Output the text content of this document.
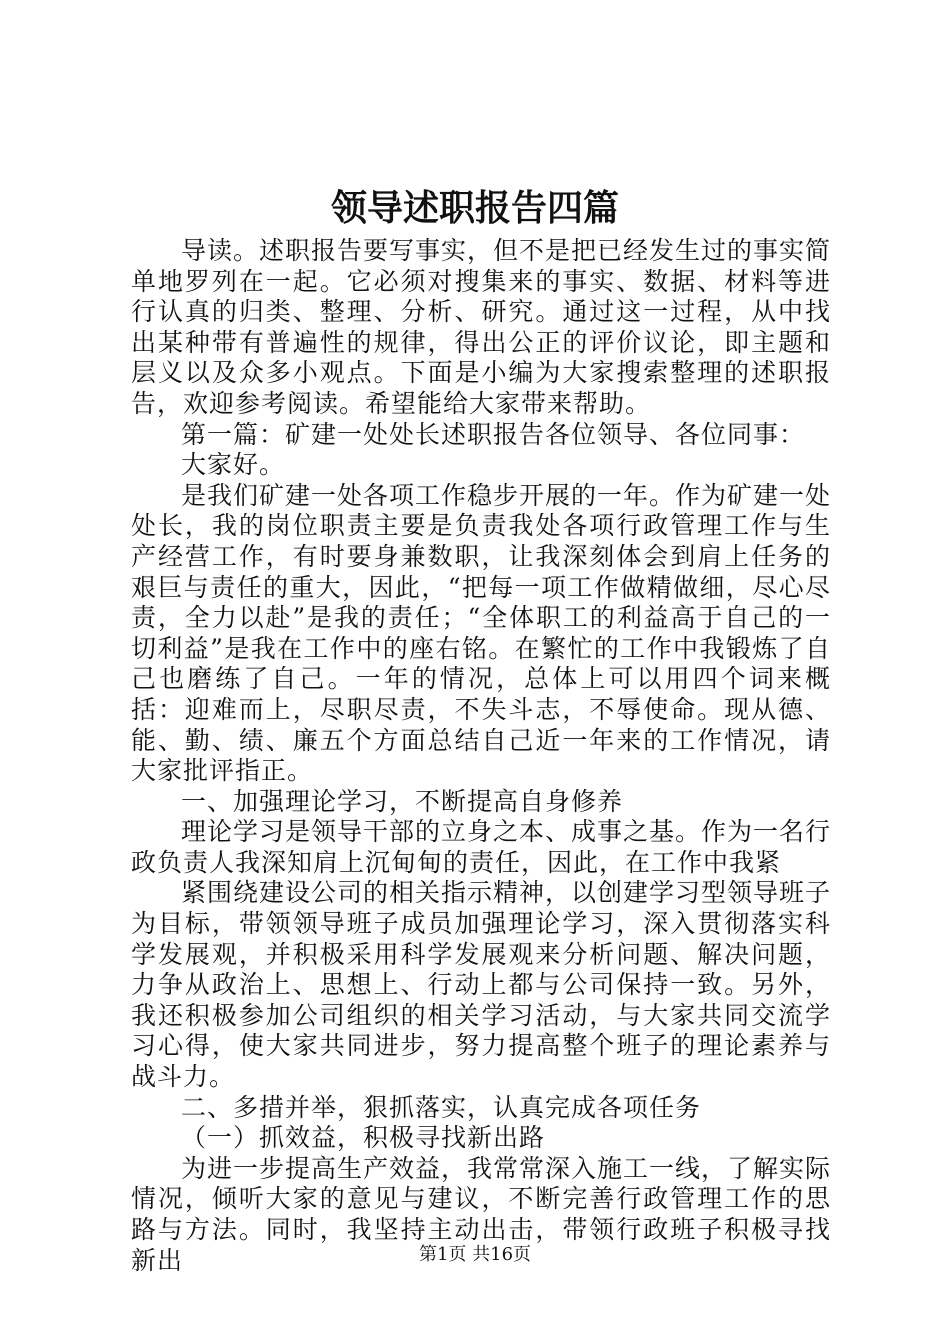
领导述职报告四篇

导读。述职报告要写事实，但不是把已经发生过的事实简单地罗列在一起。它必须对搜集来的事实、数据、材料等进行认真的归类、整理、分析、研究。通过这一过程，从中找出某种带有普遍性的规律，得出公正的评价议论，即主题和层义以及众多小观点。下面是小编为大家搜索整理的述职报告，欢迎参考阅读。希望能给大家带来帮助。

第一篇：矿建一处处长述职报告各位领导、各位同事：

大家好。

是我们矿建一处各项工作稳步开展的一年。作为矿建一处处长，我的岗位职责主要是负责我处各项行政管理工作与生产经营工作，有时要身兼数职，让我深刻体会到肩上任务的艰巨与责任的重大，因此，“把每一项工作做精做细，尽心尽责，全力以赴”是我的责任；“全体职工的利益高于自己的一切利益”是我在工作中的座右铭。在繁忙的工作中我锻炼了自己也磨练了自己。一年的情况，总体上可以用四个词来概括：迎难而上，尽职尽责，不失斗志，不辱使命。现从德、能、勤、绩、廉五个方面总结自己近一年来的工作情况，请大家批评指正。

一、加强理论学习，不断提高自身修养

理论学习是领导干部的立身之本、成事之基。作为一名行政负责人我深知肩上沉甸甸的责任，因此，在工作中我紧

紧围绕建设公司的相关指示精神，以创建学习型领导班子为目标，带领领导班子成员加强理论学习，深入贯彻落实科学发展观，并积极采用科学发展观来分析问题、解决问题，力争从政治上、思想上、行动上都与公司保持一致。另外，我还积极参加公司组织的相关学习活动，与大家共同交流学习心得，使大家共同进步，努力提高整个班子的理论素养与战斗力。

二、多措并举，狠抓落实，认真完成各项任务

（一）抓效益，积极寻找新出路

为进一步提高生产效益，我常常深入施工一线，了解实际情况，倾听大家的意见与建议，不断完善行政管理工作的思路与方法。同时，我坚持主动出击，带领行政班子积极寻找新出	第1页 共16页
